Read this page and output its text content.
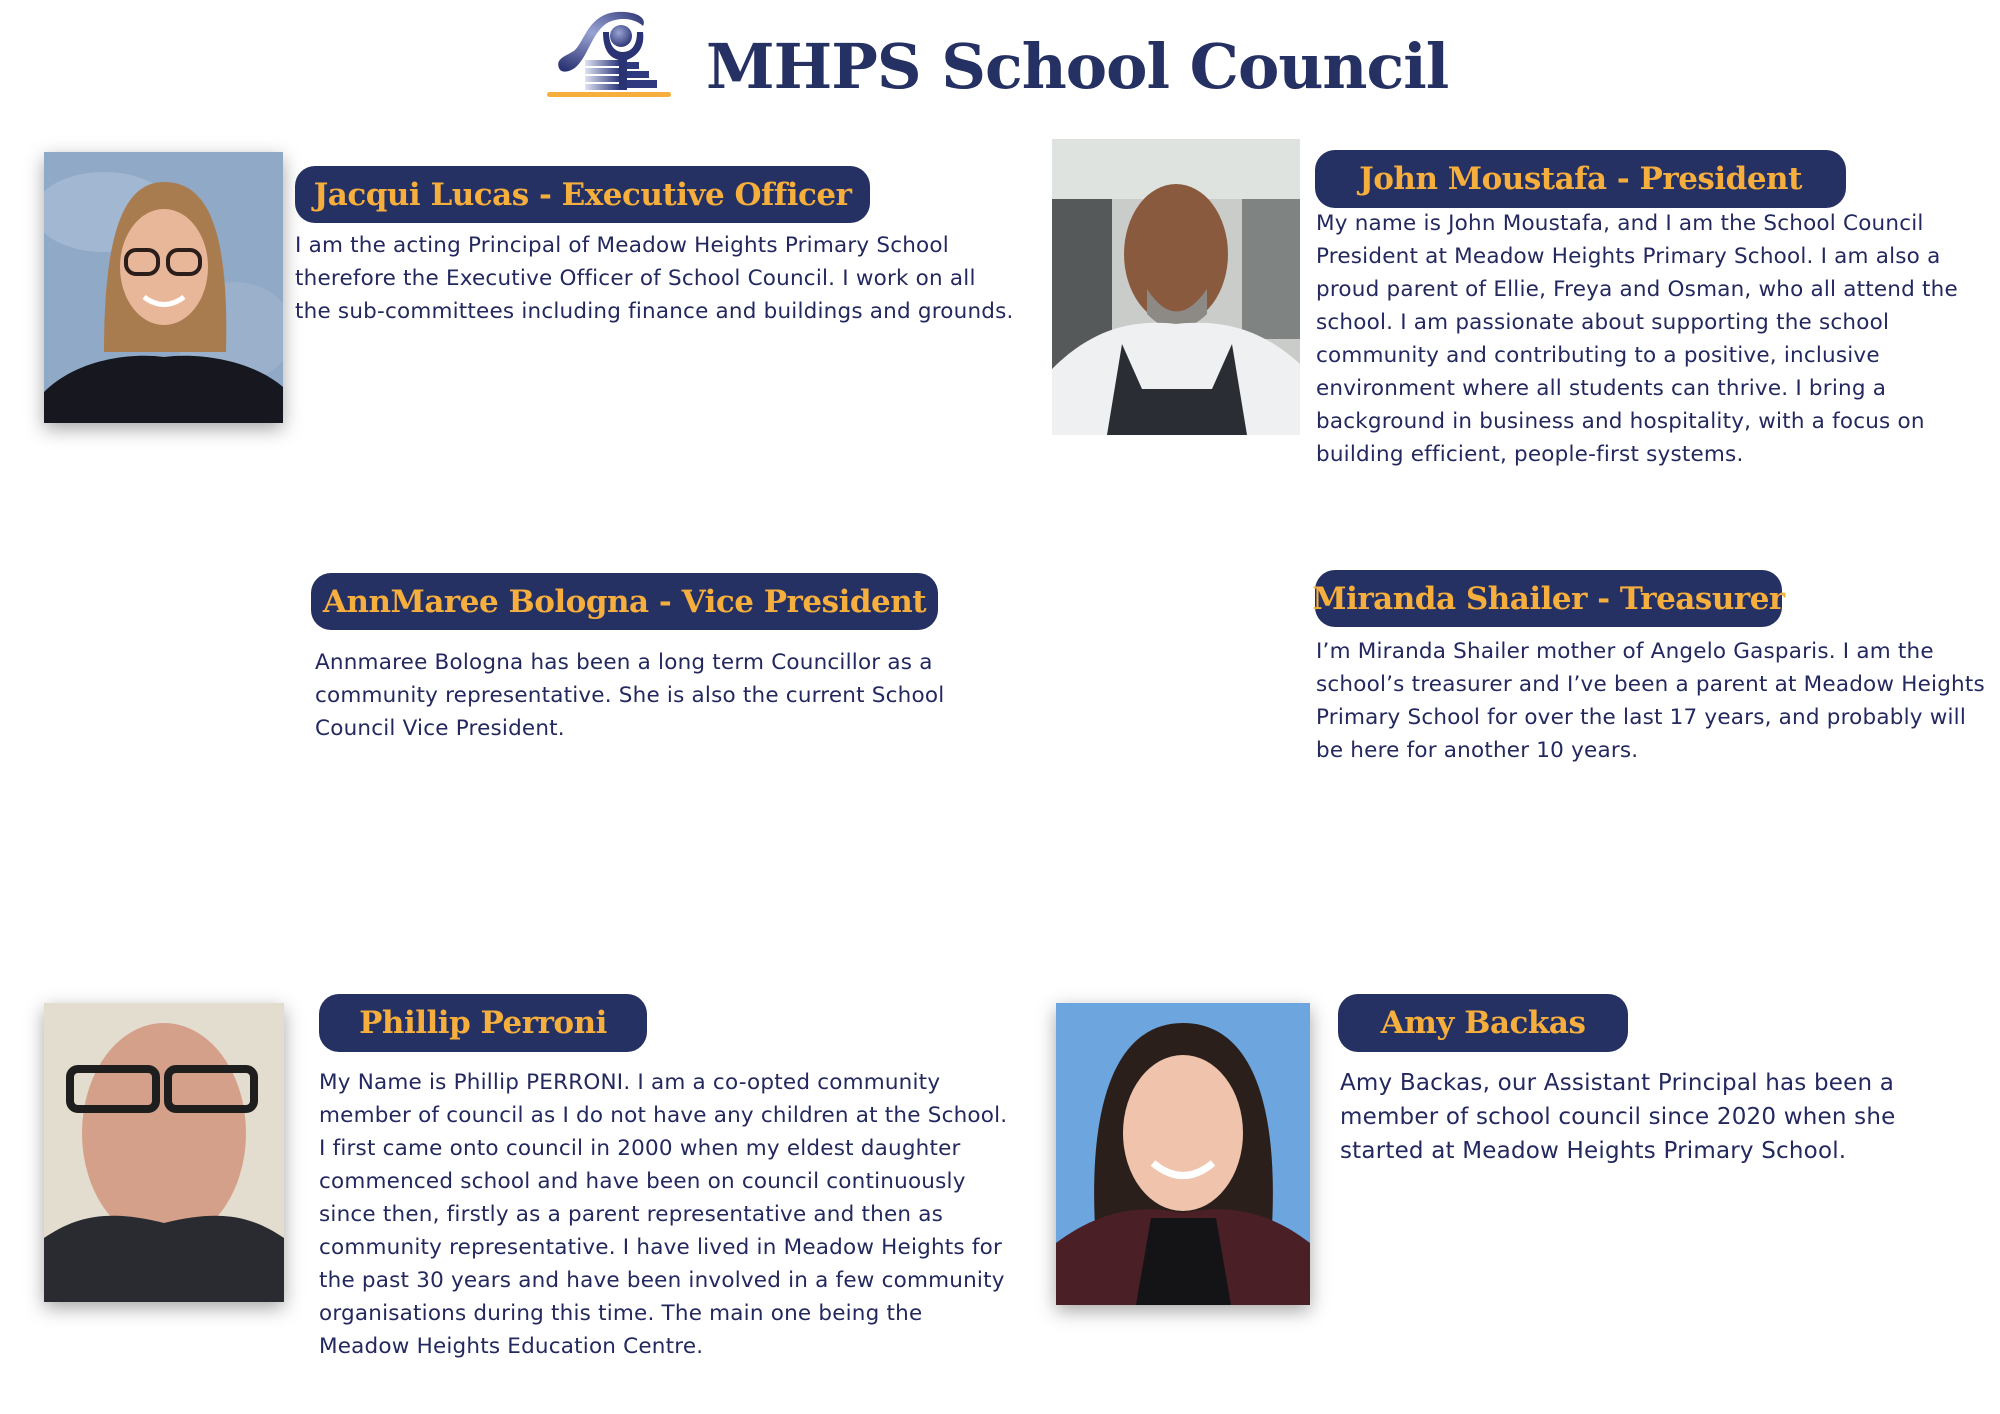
MHPS School Council
Jacqui Lucas - Executive Officer

I am the acting Principal of Meadow Heights Primary School therefore the Executive Officer of School Council. I work on all the sub-committees including finance and buildings and grounds.

John Moustafa - President

My name is John Moustafa, and I am the School Council President at Meadow Heights Primary School. I am also a proud parent of Ellie, Freya and Osman, who all attend the school. I am passionate about supporting the school community and contributing to a positive, inclusive environment where all students can thrive. I bring a background in business and hospitality, with a focus on building efficient, people-first systems.

AnnMaree Bologna - Vice President

Annmaree Bologna has been a long term Councillor as a community representative. She is also the current School Council Vice President.

Miranda Shailer - Treasurer

I’m Miranda Shailer mother of Angelo Gasparis. I am the school’s treasurer and I’ve been a parent at Meadow Heights Primary School for over the last 17 years, and probably will be here for another 10 years.

Phillip Perroni

My Name is Phillip PERRONI. I am a co-opted community member of council as I do not have any children at the School. I first came onto council in 2000 when my eldest daughter commenced school and have been on council continuously since then, firstly as a parent representative and then as community representative. I have lived in Meadow Heights for the past 30 years and have been involved in a few community organisations during this time. The main one being the Meadow Heights Education Centre.

Amy Backas

Amy Backas, our Assistant Principal has been a member of school council since 2020 when she started at Meadow Heights Primary School.
